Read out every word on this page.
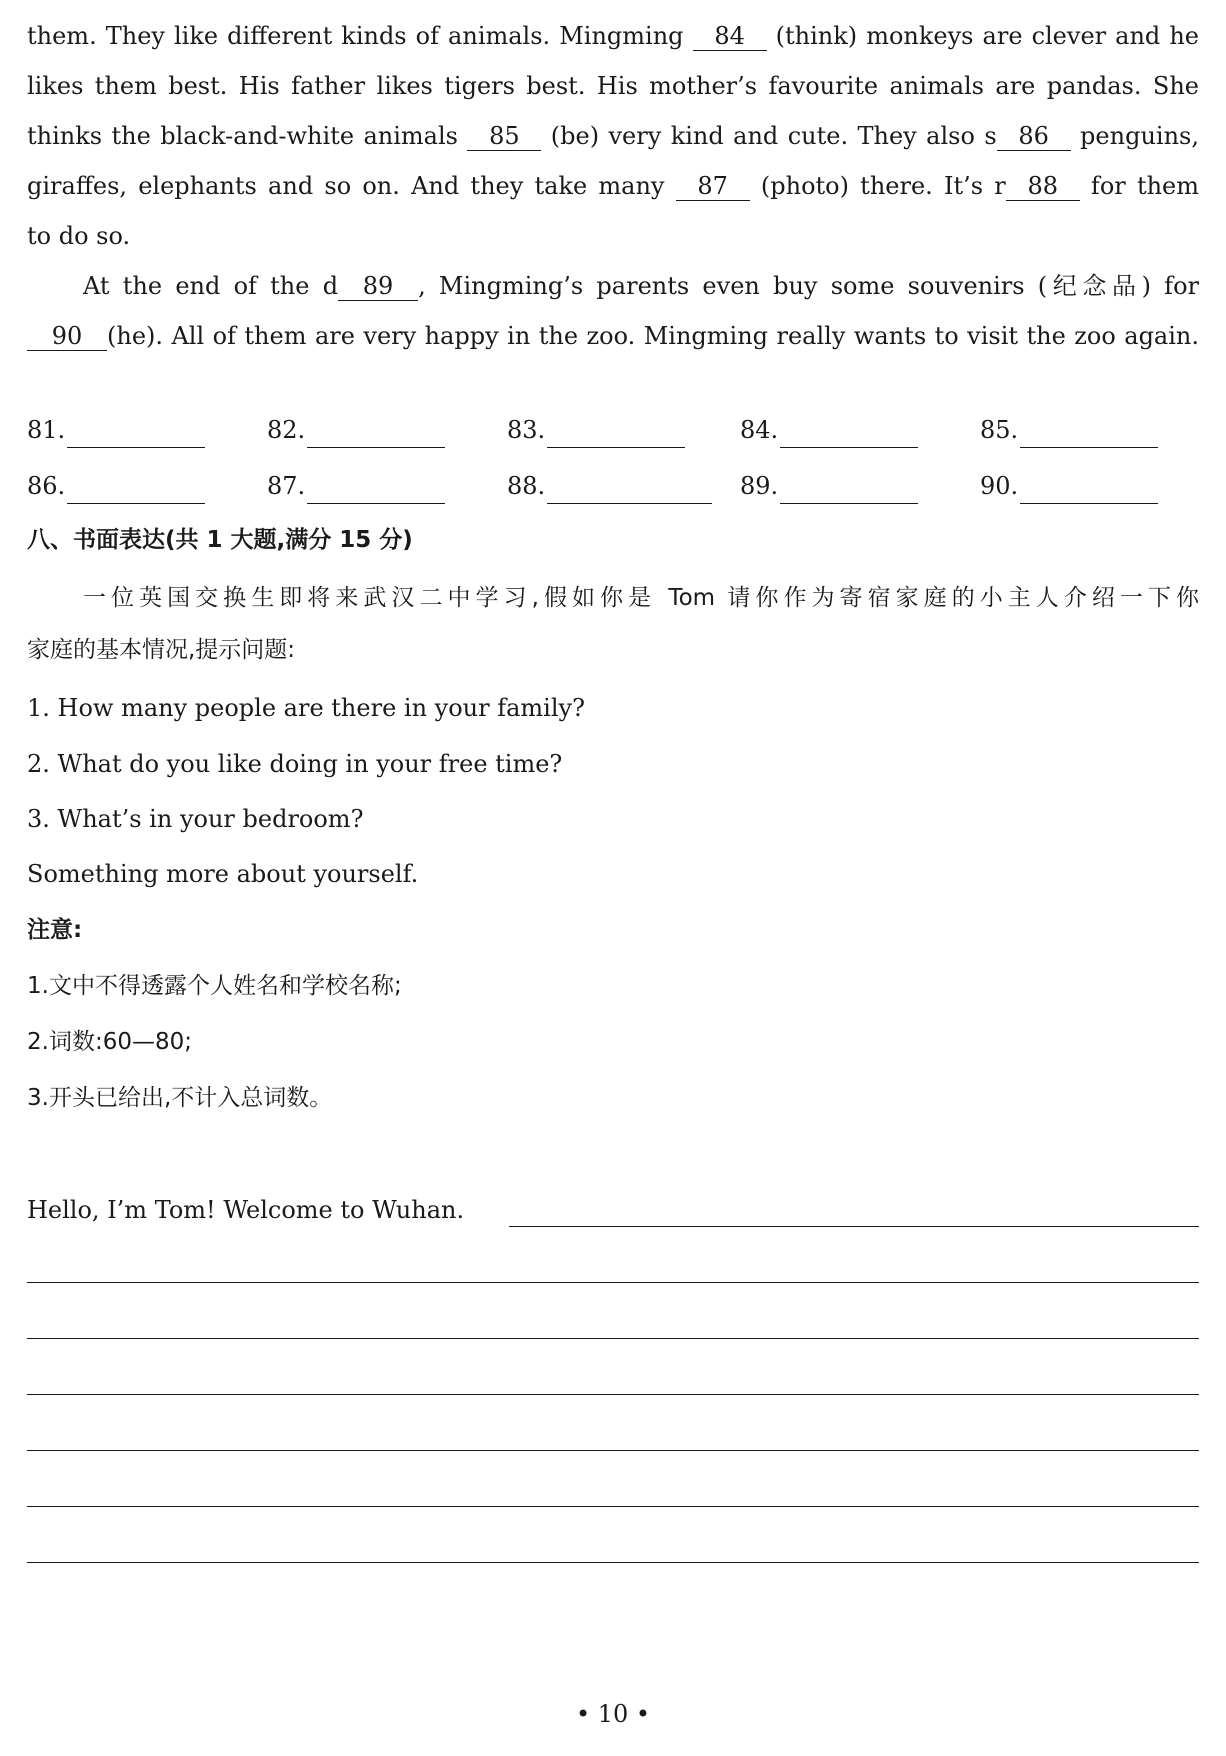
them. They like different kinds of animals. Mingming 84 (think) monkeys are clever and he
likes them best. His father likes tigers best. His mother’s favourite animals are pandas. She
thinks the black-and-white animals 85 (be) very kind and cute. They also s 86 penguins,
giraffes, elephants and so on. And they take many 87 (photo) there. It’s r 88 for them
to do so.
At the end of the d 89 , Mingming’s parents even buy some souvenirs (纪念品) for
90 (he). All of them are very happy in the zoo. Mingming really wants to visit the zoo again.
81.	82.	83.	84.	85.
86.	87.	88.	89.	90.
八、书面表达(共 1 大题,满分 15 分)
一位英国交换生即将来武汉二中学习,假如你是 Tom 请你作为寄宿家庭的小主人介绍一下你
家庭的基本情况,提示问题:
1. How many people are there in your family?
2. What do you like doing in your free time?
3. What’s in your bedroom?
Something more about yourself.
注意:
1.文中不得透露个人姓名和学校名称;
2.词数:60—80;
3.开头已给出,不计入总词数。
Hello, I’m Tom! Welcome to Wuhan.
• 10 •
